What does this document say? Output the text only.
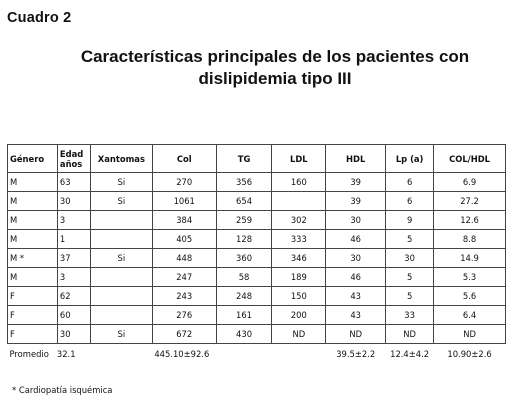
Cuadro 2
Características principales de los pacientes con
dislipidemia tipo III
Género	Edad años	Xantomas	Col	TG	LDL	HDL	Lp (a)	COL/HDL
M	63	Si	270	356	160	39	6	6.9
M	30	Si	1061	654		39	6	27.2
M	3		384	259	302	30	9	12.6
M	1		405	128	333	46	5	8.8
M *	37	Si	448	360	346	30	30	14.9
M	3		247	58	189	46	5	5.3
F	62		243	248	150	43	5	5.6
F	60		276	161	200	43	33	6.4
F	30	Si	672	430	ND	ND	ND	ND
Promedio 32.1			445.10±92.6			39.5±2.2	12.4±4.2	10.90±2.6
* Cardiopatía isquémica
